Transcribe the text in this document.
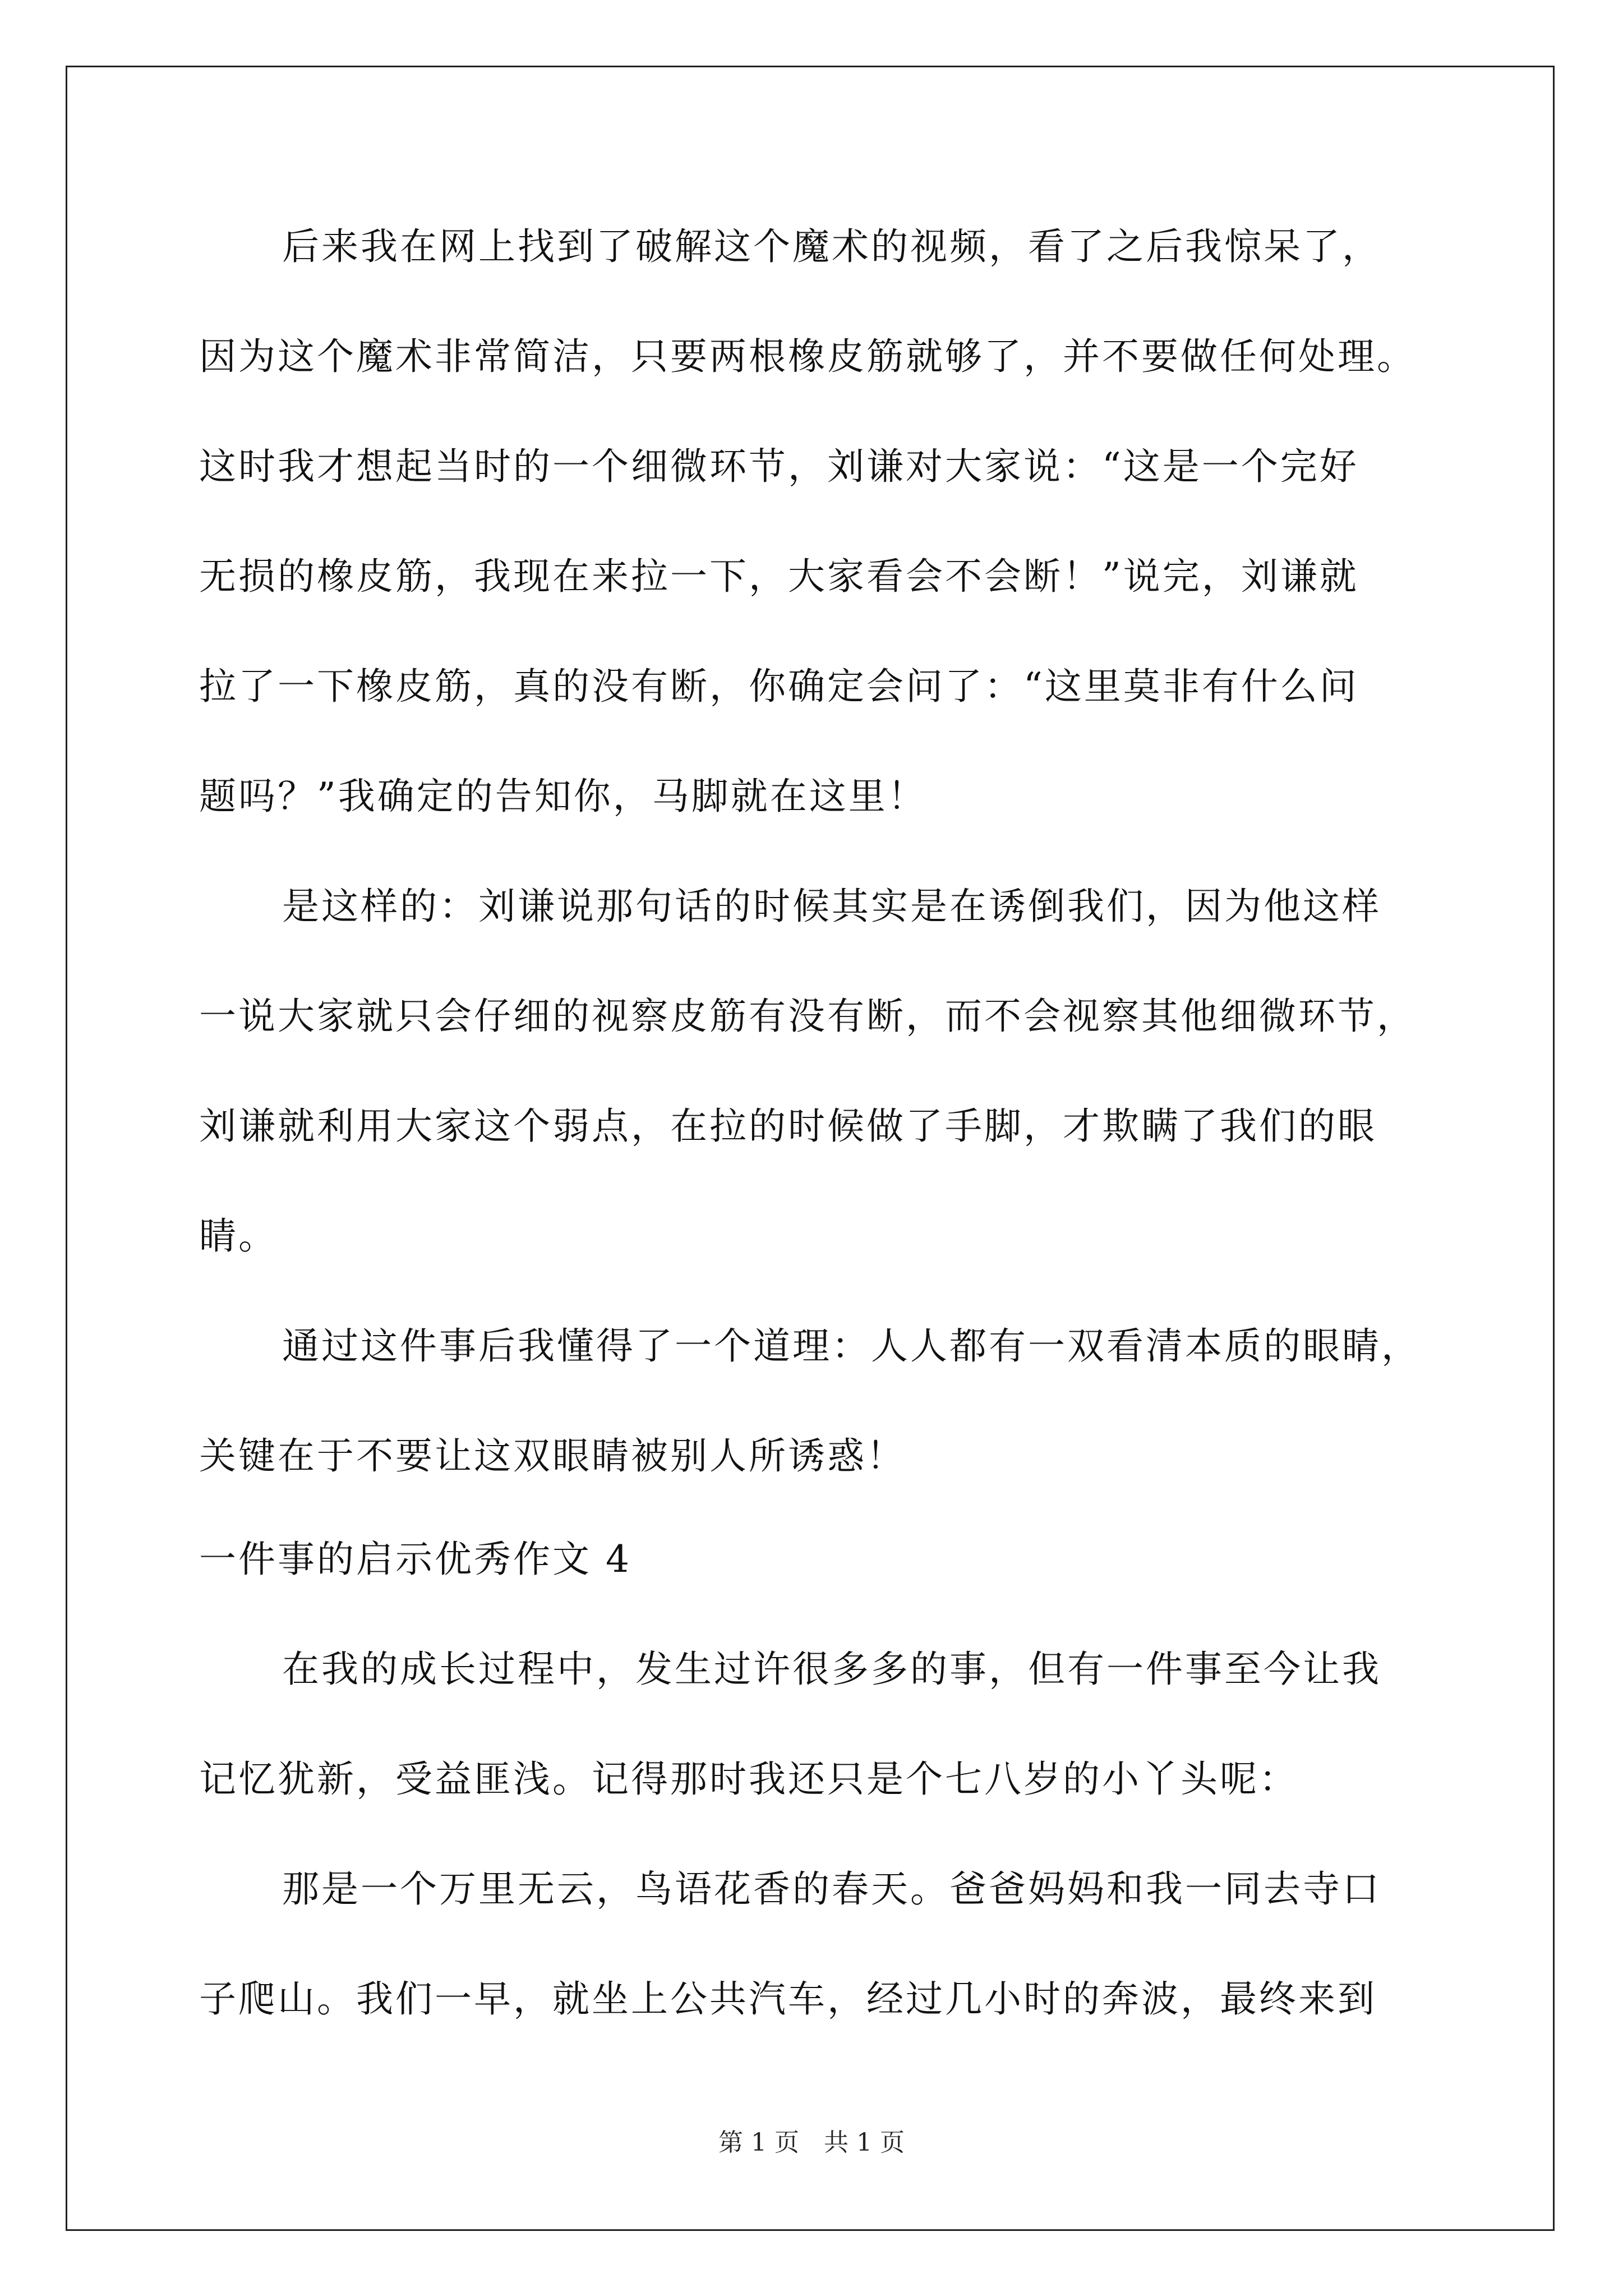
后来我在网上找到了破解这个魔术的视频，看了之后我惊呆了，
因为这个魔术非常简洁，只要两根橡皮筋就够了，并不要做任何处理。
这时我才想起当时的一个细微环节，刘谦对大家说：“这是一个完好
无损的橡皮筋，我现在来拉一下，大家看会不会断！”说完，刘谦就
拉了一下橡皮筋，真的没有断，你确定会问了：“这里莫非有什么问
题吗？”我确定的告知你，马脚就在这里！
是这样的：刘谦说那句话的时候其实是在诱倒我们，因为他这样
一说大家就只会仔细的视察皮筋有没有断，而不会视察其他细微环节，
刘谦就利用大家这个弱点，在拉的时候做了手脚，才欺瞒了我们的眼
睛。
通过这件事后我懂得了一个道理：人人都有一双看清本质的眼睛，
关键在于不要让这双眼睛被别人所诱惑！
一件事的启示优秀作文 4
在我的成长过程中，发生过许很多多的事，但有一件事至今让我
记忆犹新，受益匪浅。记得那时我还只是个七八岁的小丫头呢：
那是一个万里无云，鸟语花香的春天。爸爸妈妈和我一同去寺口
子爬山。我们一早，就坐上公共汽车，经过几小时的奔波，最终来到
第 1 页　共 1 页
